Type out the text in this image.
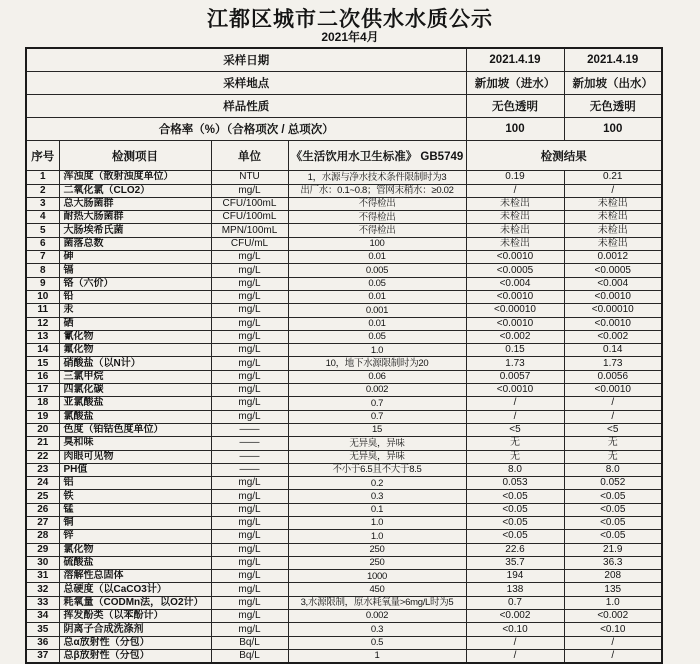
江都区城市二次供水水质公示
2021年4月
采样日期				2021.4.19	2021.4.19
采样地点				新加坡（进水）	新加坡（出水）
样品性质				无色透明	无色透明
合格率（%）（合格项次 / 总项次）				100	100
序号	检测项目	单位	《生活饮用水卫生标准》 GB5749	检测结果	
1	浑浊度（散射浊度单位）	NTU	1，水源与净水技术条件限制时为3	0.19	0.21
2	二氧化氯（CLO2）	mg/L	出厂水：0.1~0.8；管网末稍水：≥0.02	/	/
3	总大肠菌群	CFU/100mL	不得检出	未检出	未检出
4	耐热大肠菌群	CFU/100mL	不得检出	未检出	未检出
5	大肠埃希氏菌	MPN/100mL	不得检出	未检出	未检出
6	菌落总数	CFU/mL	100	未检出	未检出
7	砷	mg/L	0.01	<0.0010	0.0012
8	镉	mg/L	0.005	<0.0005	<0.0005
9	铬（六价）	mg/L	0.05	<0.004	<0.004
10	铅	mg/L	0.01	<0.0010	<0.0010
11	汞	mg/L	0.001	<0.00010	<0.00010
12	硒	mg/L	0.01	<0.0010	<0.0010
13	氰化物	mg/L	0.05	<0.002	<0.002
14	氟化物	mg/L	1.0	0.15	0.14
15	硝酸盐（以N计）	mg/L	10，地下水源限制时为20	1.73	1.73
16	三氯甲烷	mg/L	0.06	0.0057	0.0056
17	四氯化碳	mg/L	0.002	<0.0010	<0.0010
18	亚氯酸盐	mg/L	0.7	/	/
19	氯酸盐	mg/L	0.7	/	/
20	色度（铂钴色度单位）	——	15	<5	<5
21	臭和味	——	无异臭，异味	无	无
22	肉眼可见物	——	无异臭，异味	无	无
23	PH值	——	不小于6.5且不大于8.5	8.0	8.0
24	铝	mg/L	0.2	0.053	0.052
25	铁	mg/L	0.3	<0.05	<0.05
26	锰	mg/L	0.1	<0.05	<0.05
27	铜	mg/L	1.0	<0.05	<0.05
28	锌	mg/L	1.0	<0.05	<0.05
29	氯化物	mg/L	250	22.6	21.9
30	硫酸盐	mg/L	250	35.7	36.3
31	溶解性总固体	mg/L	1000	194	208
32	总硬度（以CaCO3计）	mg/L	450	138	135
33	耗氧量（CODMn法，以O2计）	mg/L	3,水源限制，原水耗氧量>6mg/L时为5	0.7	1.0
34	挥发酚类（以苯酚计）	mg/L	0.002	<0.002	<0.002
35	阴离子合成洗涤剂	mg/L	0.3	<0.10	<0.10
36	总α放射性（分包）	Bq/L	0.5	/	/
37	总β放射性（分包）	Bq/L	1	/	/
